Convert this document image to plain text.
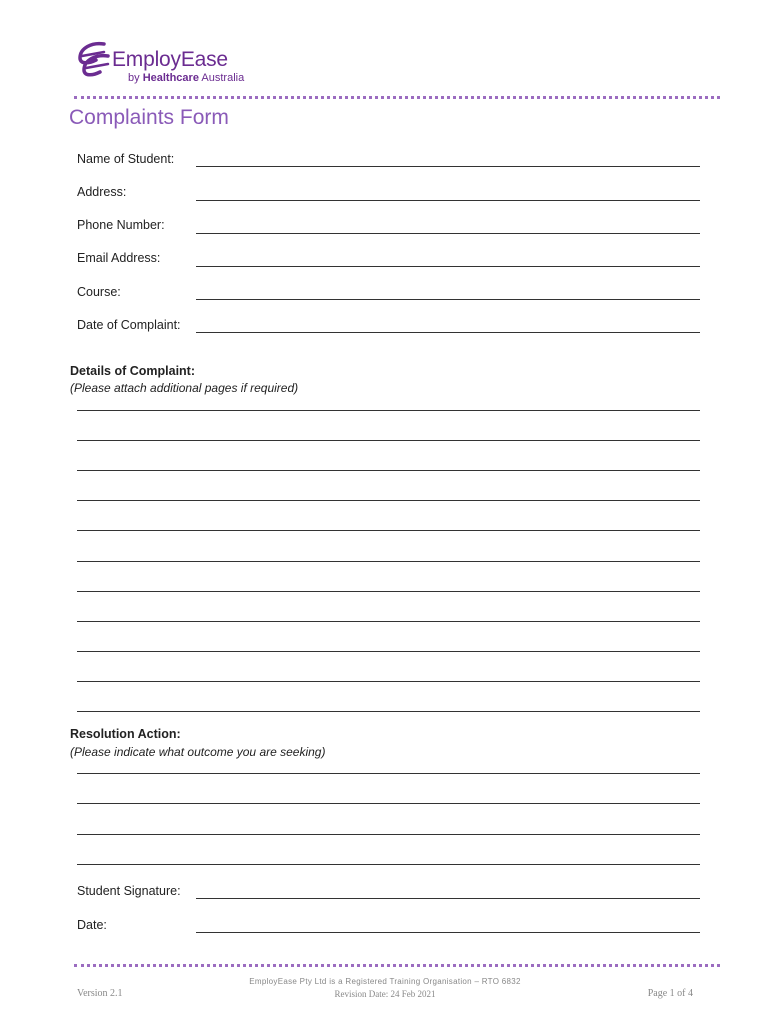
EmployEase
by Healthcare Australia
Complaints Form
Name of Student:
Address:
Phone Number:
Email Address:
Course:
Date of Complaint:
Details of Complaint:
(Please attach additional pages if required)
Resolution Action:
(Please indicate what outcome you are seeking)
Student Signature:
Date:
EmployEase Pty Ltd is a Registered Training Organisation – RTO 6832
Revision Date: 24 Feb 2021
Version 2.1	Page 1 of 4
